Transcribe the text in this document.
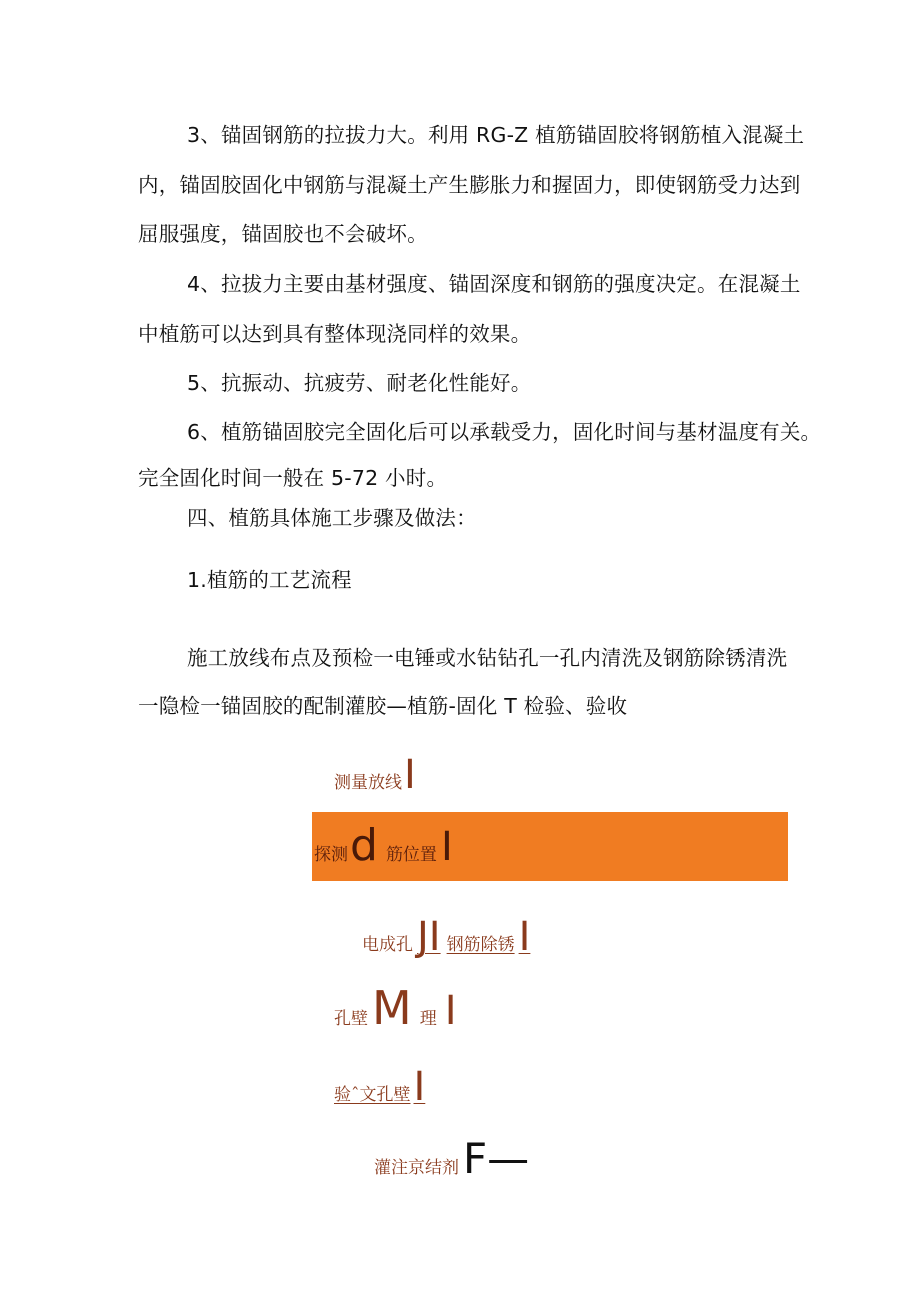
3、锚固钢筋的拉拔力大。利用 RG-Z 植筋锚固胶将钢筋植入混凝土
内，锚固胶固化中钢筋与混凝土产生膨胀力和握固力，即使钢筋受力达到
屈服强度，锚固胶也不会破坏。
4、拉拔力主要由基材强度、锚固深度和钢筋的强度决定。在混凝土
中植筋可以达到具有整体现浇同样的效果。
5、抗振动、抗疲劳、耐老化性能好。
6、植筋锚固胶完全固化后可以承载受力，固化时间与基材温度有关。
完全固化时间一般在 5-72 小时。
四、植筋具体施工步骤及做法：
1.植筋的工艺流程
施工放线布点及预检一电锤或水钻钻孔一孔内清洗及钢筋除锈清洗
一隐检一锚固胶的配制灌胶—植筋-固化 T 检验、验收
测量放线I
探测d 筋位置 I
电成孔 JI 钢筋除锈 I
孔壁M 理 I
验ˆ文孔壁I
灌注京结剂F—
